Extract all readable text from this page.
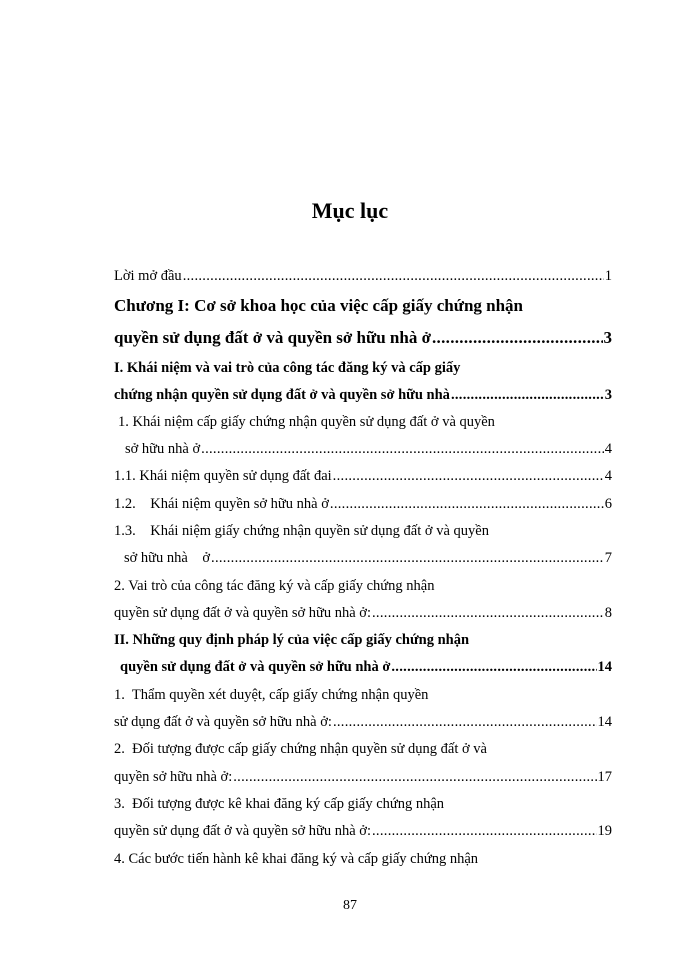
Mục lục
Lời mở đầu .....	1
Chương I: Cơ sở khoa học của việc cấp giấy chứng nhận
quyền sử dụng đất ở và quyền sở hữu nhà ở .....	3
I. Khái niệm và vai trò của công tác đăng ký và cấp giấy
chứng nhận quyền sử dụng đất ở và quyền sở hữu nhà .....	3
1. Khái niệm cấp giấy chứng nhận quyền sử dụng đất ở và quyền
sở hữu nhà ở .....	4
1.1. Khái niệm quyền sử dụng đất đai .....	4
1.2.    Khái niệm quyền sở hữu nhà ở .....	6
1.3.    Khái niệm giấy chứng nhận quyền sử dụng đất ở và quyền
sở hữu nhà    ở .....	7
2. Vai trò của công tác đăng ký và cấp giấy chứng nhận
quyền sử dụng đất ở và quyền sở hữu nhà ở: .....	8
II. Những quy định pháp lý của việc cấp giấy chứng nhận
quyền sử dụng đất ở và quyền sở hữu nhà ở .....	14
1.  Thẩm quyền xét duyệt, cấp giấy chứng nhận quyền
sử dụng đất ở và quyền sở hữu nhà ở: .....	14
2.  Đối tượng được cấp giấy chứng nhận quyền sử dụng đất ở và
quyền sở hữu nhà ở: .....	17
3.  Đối tượng được kê khai đăng ký cấp giấy chứng nhận
quyền sử dụng đất ở và quyền sở hữu nhà ở: .....	19
4. Các bước tiến hành kê khai đăng ký và cấp giấy chứng nhận
87
